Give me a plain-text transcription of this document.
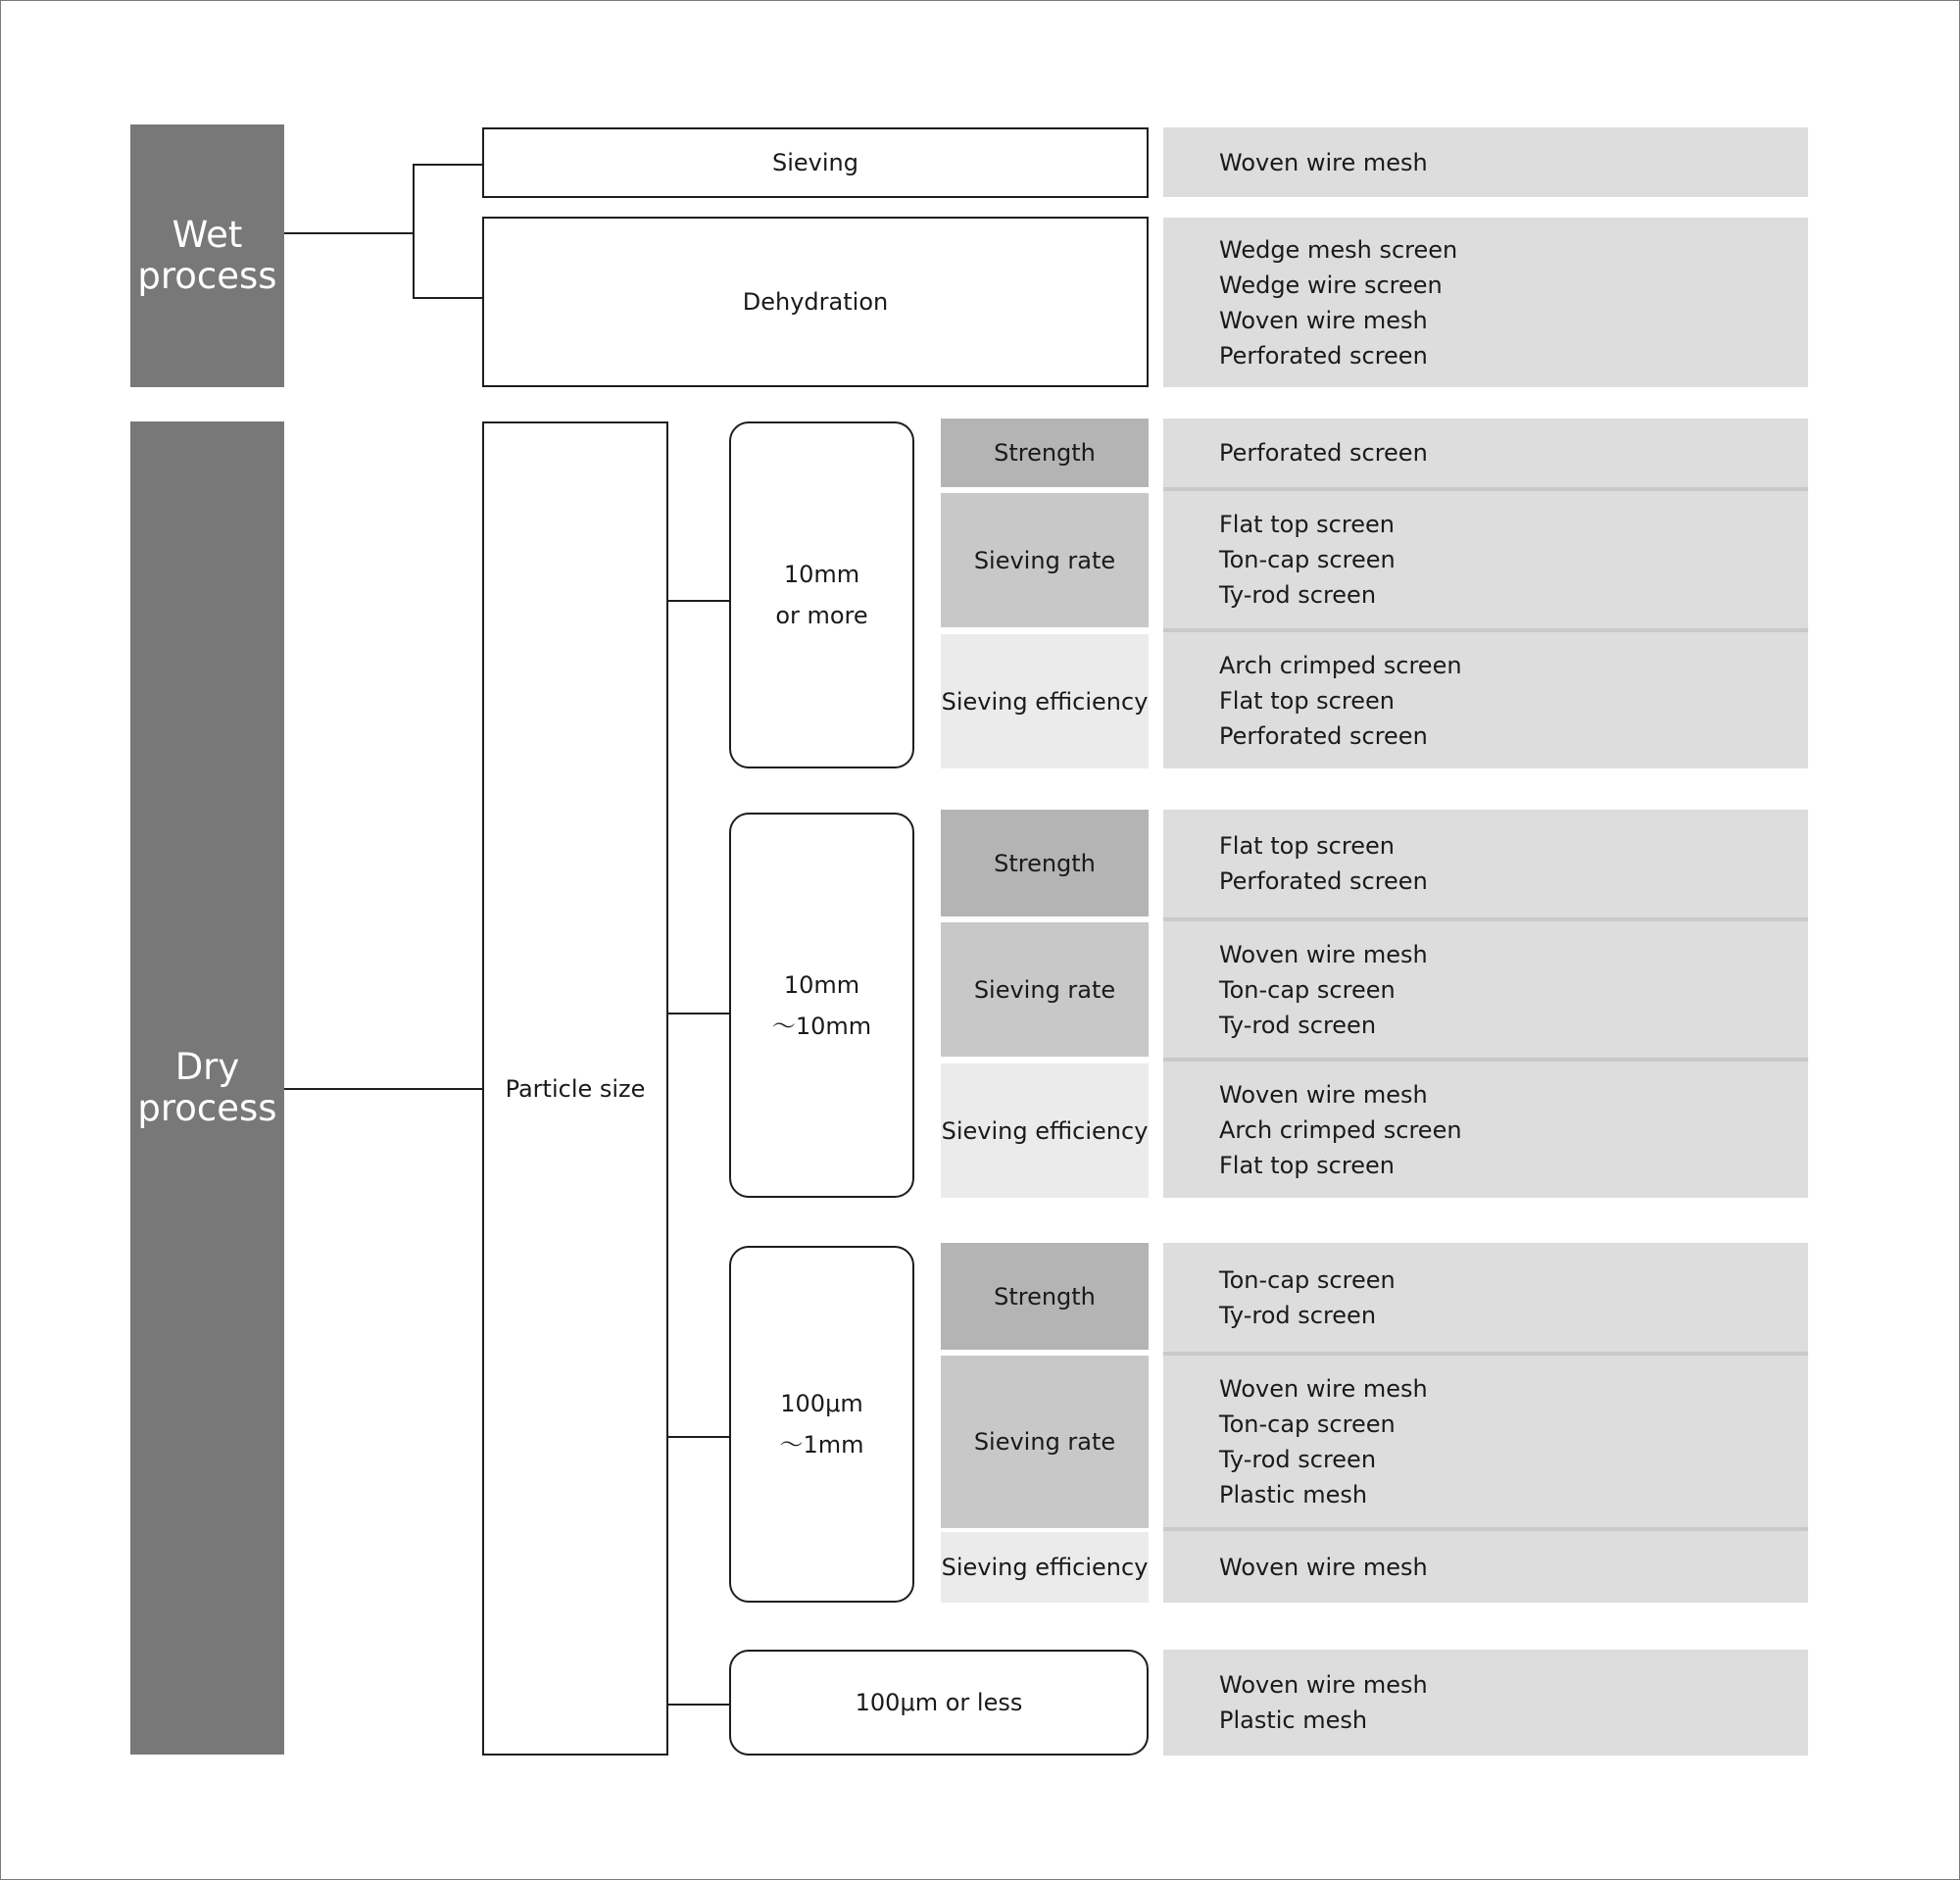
Wet
process
Sieving	Woven wire mesh
Dehydration
Wedge mesh screen
Wedge wire screen
Woven wire mesh
Perforated screen
Dry
process	Particle size
10mm
or more
Strength
Sieving rate
Sieving efficiency
Perforated screen
Flat top screen
Ton-cap screen
Ty-rod screen
Arch crimped screen
Flat top screen
Perforated screen
10mm
～10mm
Strength
Sieving rate
Sieving efficiency
Flat top screen
Perforated screen
Woven wire mesh
Ton-cap screen
Ty-rod screen
Woven wire mesh
Arch crimped screen
Flat top screen
100μm
～1mm
Strength
Sieving rate
Sieving efficiency
Ton-cap screen
Ty-rod screen
Woven wire mesh
Ton-cap screen
Ty-rod screen
Plastic mesh
Woven wire mesh
100μm or less
Woven wire mesh
Plastic mesh
